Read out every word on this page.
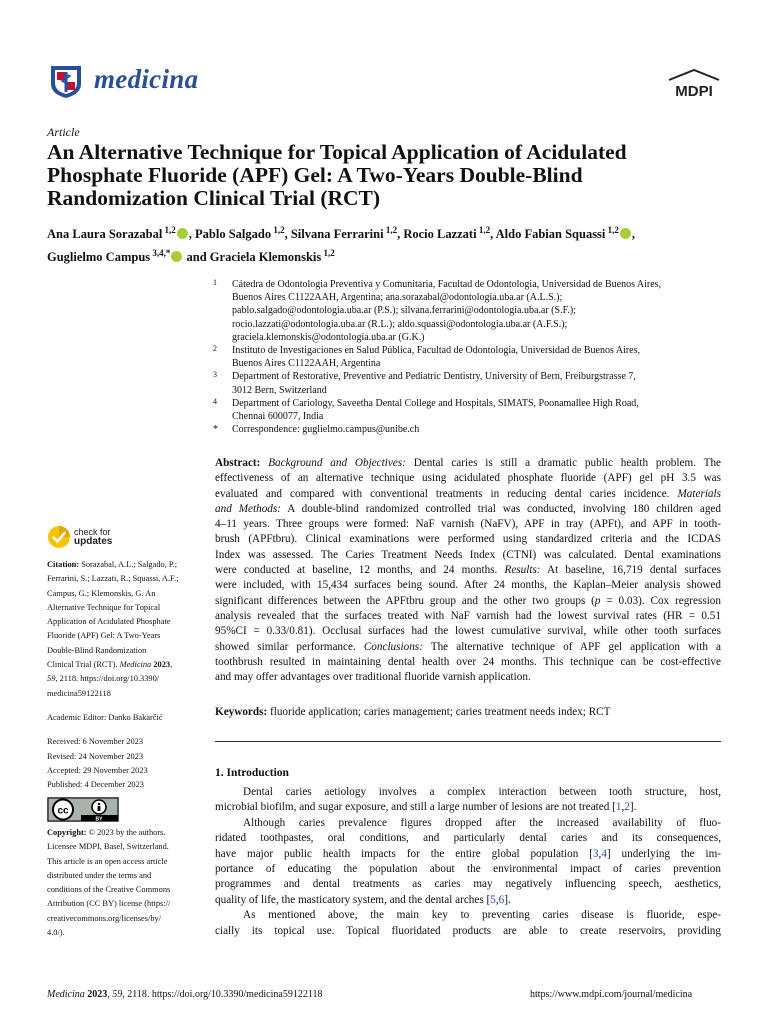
medicina	MDPI
Article
An Alternative Technique for Topical Application of Acidulated
Phosphate Fluoride (APF) Gel: A Two-Years Double-Blind
Randomization Clinical Trial (RCT)
Ana Laura Sorazabal $^{1,2}$ , Pablo Salgado $^{1,2}$, Silvana Ferrarini $^{1,2}$, Rocio Lazzati $^{1,2}$, Aldo Fabian Squassi $^{1,2}$ ,
Guglielmo Campus $^{3,4,*}$ and Graciela Klemonskis $^{1,2}$
1 Cátedra de Odontologia Preventiva y Comunitaria, Facultad de Odontologia, Universidad de Buenos Aires,
Buenos Aires C1122AAH, Argentina; ana.sorazabal@odontologia.uba.ar (A.L.S.);
pablo.salgado@odontologia.uba.ar (P.S.); silvana.ferrarini@odontologia.uba.ar (S.F.);
rocio.lazzati@odontologia.uba.ar (R.L.); aldo.squassi@odontologia.uba.ar (A.F.S.);
graciela.klemonskis@odontologia.uba.ar (G.K.)
2 Instituto de Investigaciones en Salud Pública, Facultad de Odontologia, Universidad de Buenos Aires,
Buenos Aires C1122AAH, Argentina
3 Department of Restorative, Preventive and Pediatric Dentistry, University of Bern, Freiburgstrasse 7,
3012 Bern, Switzerland
4 Department of Cariology, Saveetha Dental College and Hospitals, SIMATS, Poonamallee High Road,
Chennai 600077, India
* Correspondence: guglielmo.campus@unibe.ch
Abstract: Background and Objectives: Dental caries is still a dramatic public health problem. The
effectiveness of an alternative technique using acidulated phosphate fluoride (APF) gel pH 3.5 was
evaluated and compared with conventional treatments in reducing dental caries incidence. Materials
and Methods: A double-blind randomized controlled trial was conducted, involving 180 children aged
4–11 years. Three groups were formed: NaF varnish (NaFV), APF in tray (APFt), and APF in tooth-
brush (APFtbru). Clinical examinations were performed using standardized criteria and the ICDAS
Index was assessed. The Caries Treatment Needs Index (CTNI) was calculated. Dental examinations
were conducted at baseline, 12 months, and 24 months. Results: At baseline, 16,719 dental surfaces
were included, with 15,434 surfaces being sound. After 24 months, the Kaplan–Meier analysis showed
significant differences between the APFtbru group and the other two groups (p = 0.03). Cox regression
analysis revealed that the surfaces treated with NaF varnish had the lowest survival rates (HR = 0.51
95%CI = 0.33/0.81). Occlusal surfaces had the lowest cumulative survival, while other tooth surfaces
showed similar performance. Conclusions: The alternative technique of APF gel application with a
toothbrush resulted in maintaining dental health over 24 months. This technique can be cost-effective
and may offer advantages over traditional fluoride varnish application.
Keywords: fluoride application; caries management; caries treatment needs index; RCT
1. Introduction
Dental caries aetiology involves a complex interaction between tooth structure, host,
microbial biofilm, and sugar exposure, and still a large number of lesions are not treated [1,2].
Although caries prevalence figures dropped after the increased availability of fluo-
ridated toothpastes, oral conditions, and particularly dental caries and its consequences,
have major public health impacts for the entire global population [3,4] underlying the im-
portance of educating the population about the environmental impact of caries prevention
programmes and dental treatments as caries may negatively influencing speech, aesthetics,
quality of life, the masticatory system, and the dental arches [5,6].
As mentioned above, the main key to preventing caries disease is fluoride, espe-
cially its topical use. Topical fluoridated products are able to create reservoirs, providing
check for
updates
Citation: Sorazabal, A.L.; Salgado, P.;
Ferrarini, S.; Lazzati, R.; Squassi, A.F.;
Campus, G.; Klemonskis, G. An
Alternative Technique for Topical
Application of Acidulated Phosphate
Fluoride (APF) Gel: A Two-Years
Double-Blind Randomization
Clinical Trial (RCT). Medicina 2023,
59, 2118. https://doi.org/10.3390/
medicina59122118
Academic Editor: Danko Bakarčić
Received: 6 November 2023
Revised: 24 November 2023
Accepted: 29 November 2023
Published: 4 December 2023
cc
BY
Copyright: © 2023 by the authors.
Licensee MDPI, Basel, Switzerland.
This article is an open access article
distributed under the terms and
conditions of the Creative Commons
Attribution (CC BY) license (https://
creativecommons.org/licenses/by/
4.0/).
Medicina 2023, 59, 2118. https://doi.org/10.3390/medicina59122118	https://www.mdpi.com/journal/medicina
